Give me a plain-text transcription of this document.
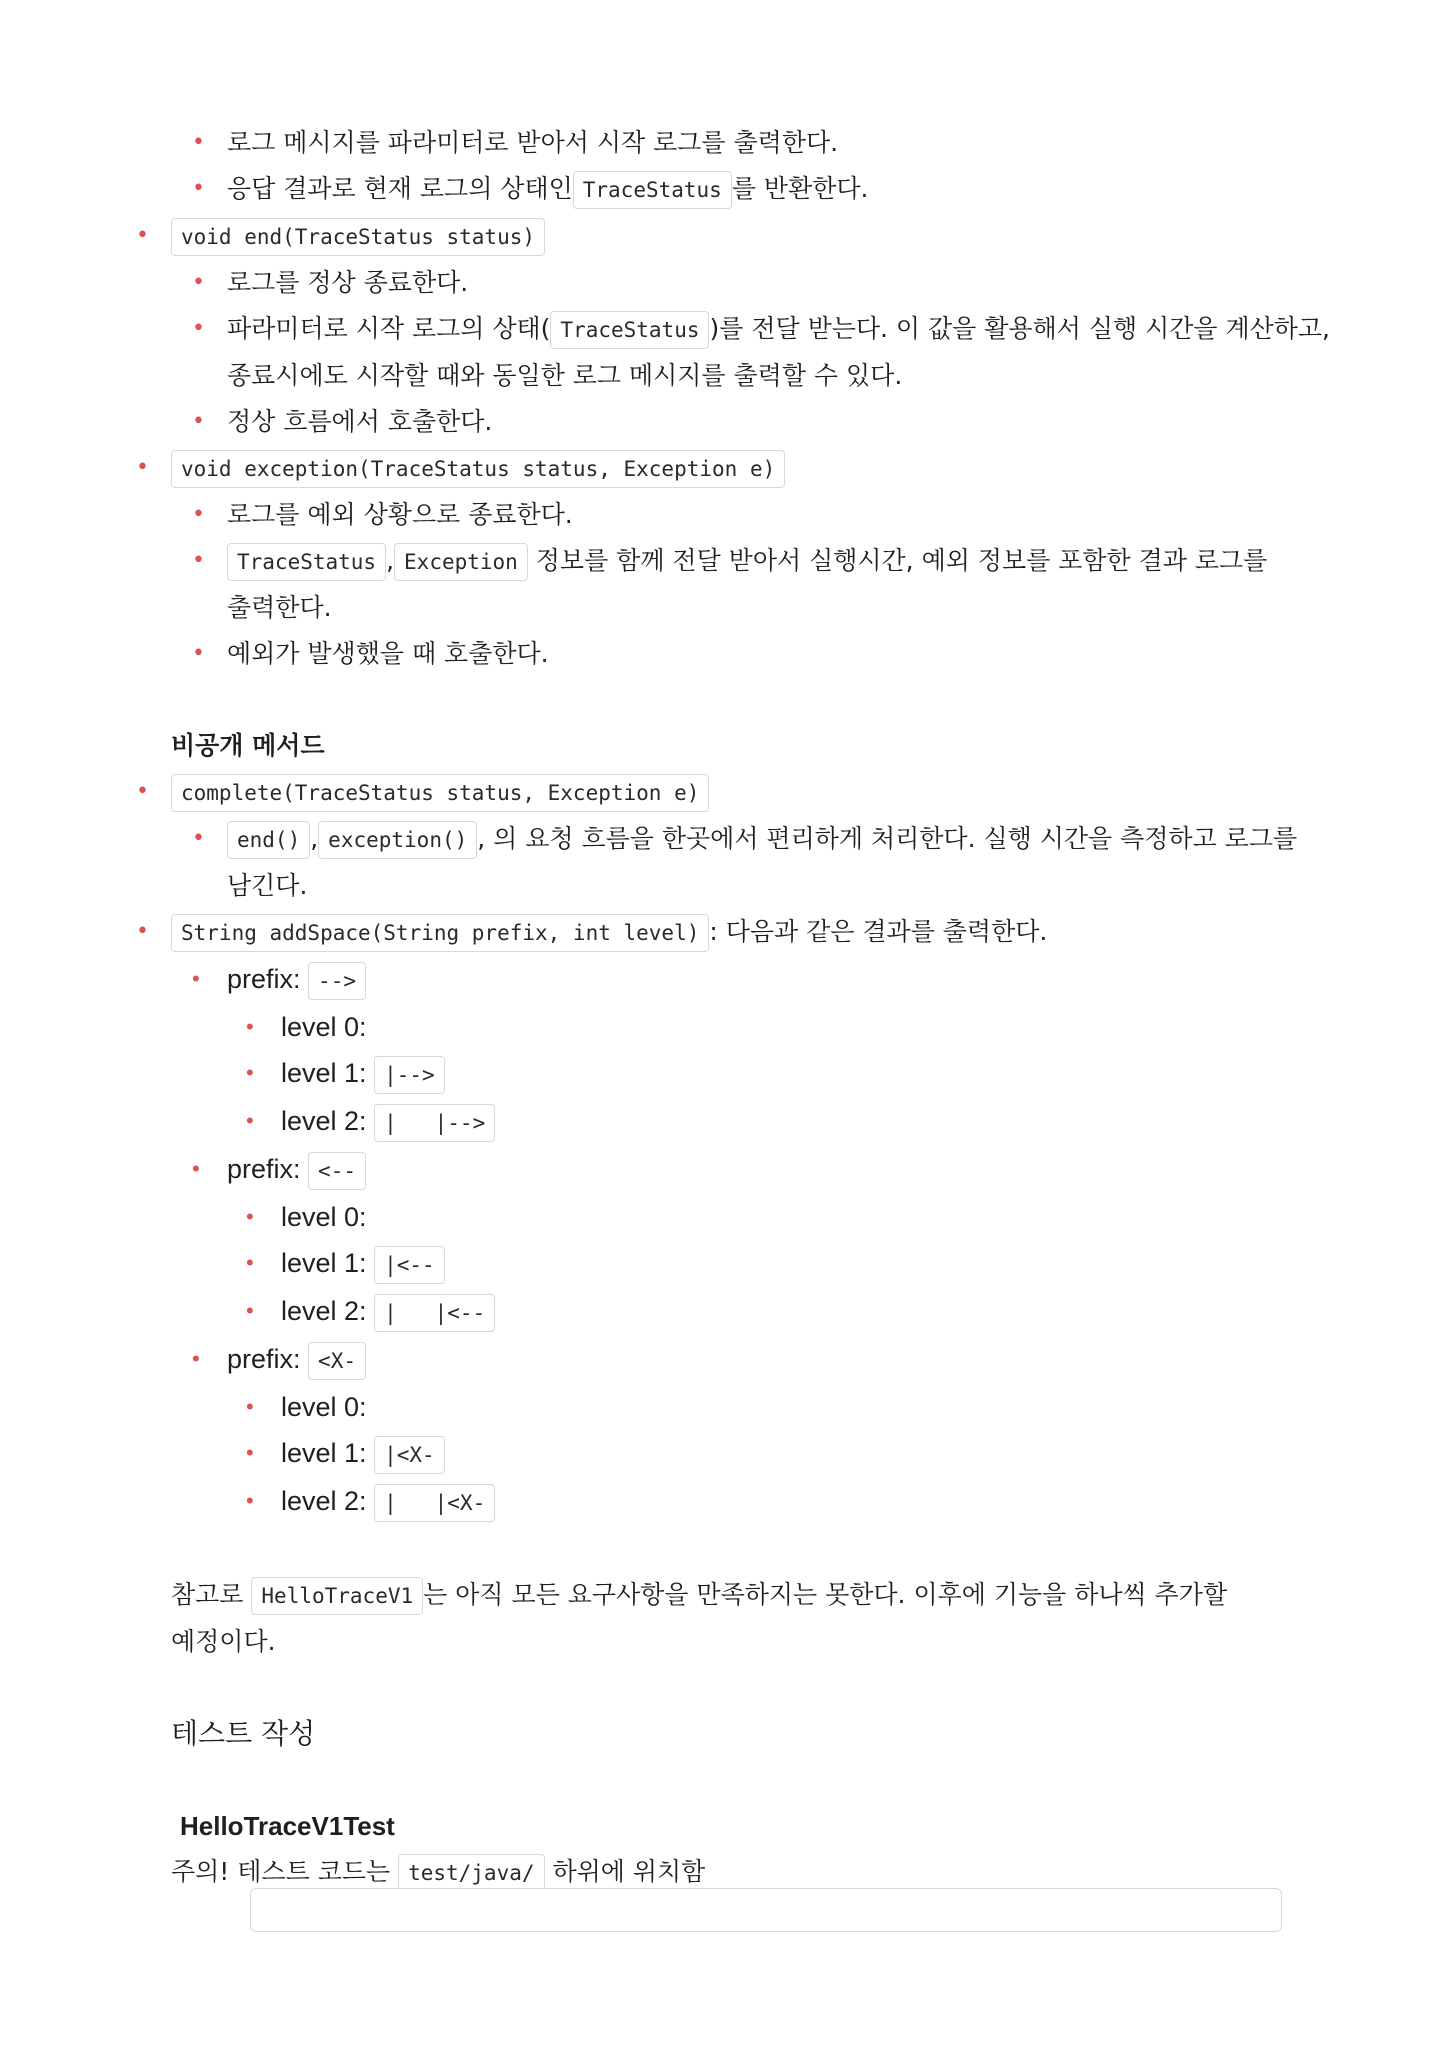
• 로그 메시지를 파라미터로 받아서 시작 로그를 출력한다.
• 응답 결과로 현재 로그의 상태인 TraceStatus 를 반환한다.
• void end(TraceStatus status)
• 로그를 정상 종료한다.
• 파라미터로 시작 로그의 상태( TraceStatus )를 전달 받는다. 이 값을 활용해서 실행 시간을 계산하고,
종료시에도 시작할 때와 동일한 로그 메시지를 출력할 수 있다.
• 정상 흐름에서 호출한다.
• void exception(TraceStatus status, Exception e)
• 로그를 예외 상황으로 종료한다.
• TraceStatus , Exception 정보를 함께 전달 받아서 실행시간, 예외 정보를 포함한 결과 로그를
출력한다.
• 예외가 발생했을 때 호출한다.
비공개 메서드
• complete(TraceStatus status, Exception e)
• end() , exception() , 의 요청 흐름을 한곳에서 편리하게 처리한다. 실행 시간을 측정하고 로그를
남긴다.
• String addSpace(String prefix, int level) : 다음과 같은 결과를 출력한다.
• prefix: -->
• level 0:
• level 1: |-->
• level 2: |   |-->
• prefix: <--
• level 0:
• level 1: |<--
• level 2: |   |<--
• prefix: <X-
• level 0:
• level 1: |<X-
• level 2: |   |<X-

참고로 HelloTraceV1 는 아직 모든 요구사항을 만족하지는 못한다. 이후에 기능을 하나씩 추가할
예정이다.

테스트 작성
HelloTraceV1Test

주의! 테스트 코드는 test/java/ 하위에 위치함
